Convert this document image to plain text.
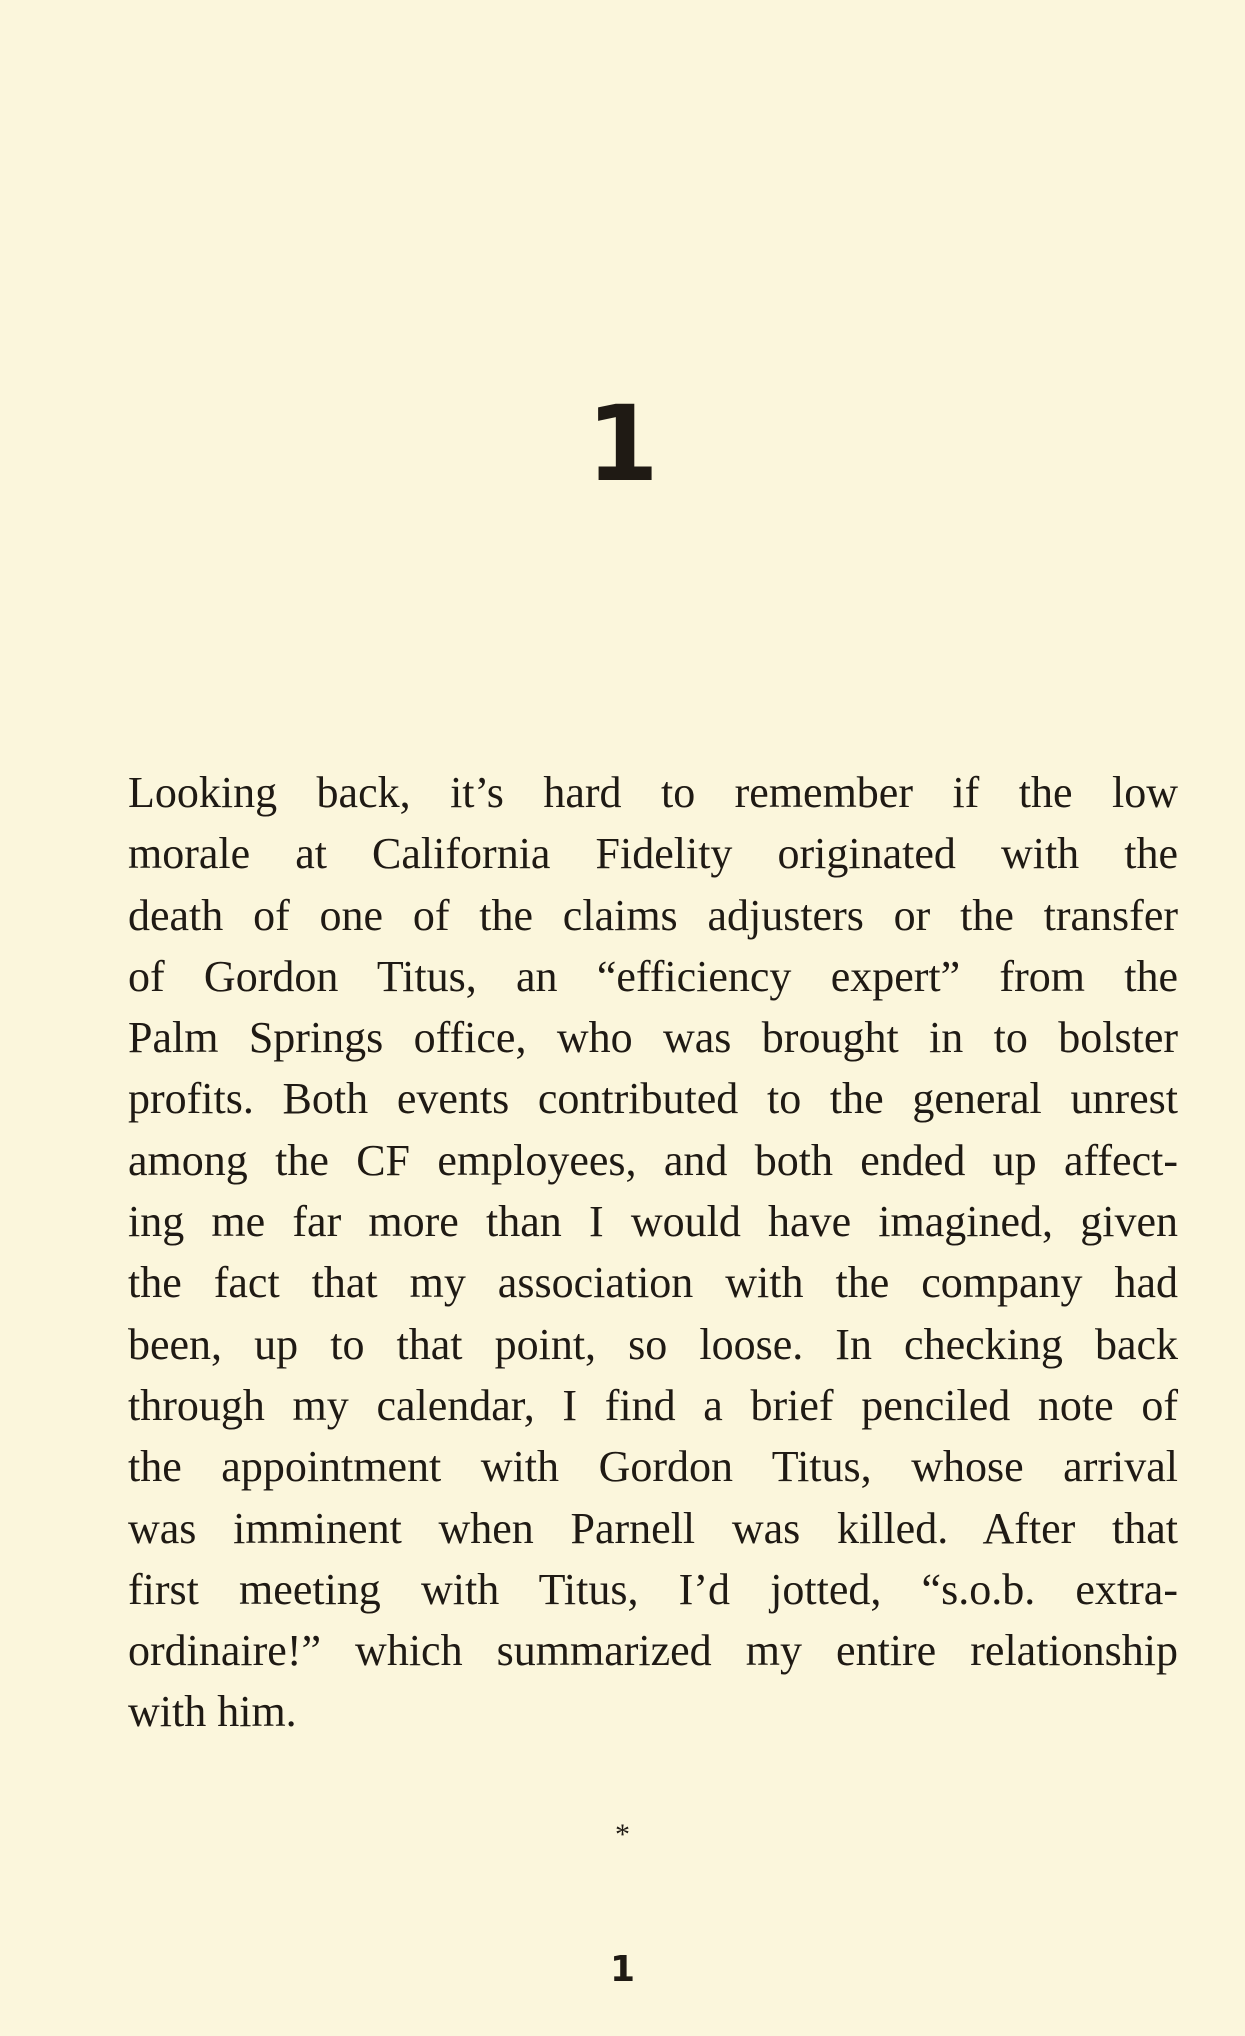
1
Looking back, it’s hard to remember if the low
morale at California Fidelity originated with the
death of one of the claims adjusters or the transfer
of Gordon Titus, an “efficiency expert” from the
Palm Springs office, who was brought in to bolster
profits. Both events contributed to the general unrest
among the CF employees, and both ended up affect-
ing me far more than I would have imagined, given
the fact that my association with the company had
been, up to that point, so loose. In checking back
through my calendar, I find a brief penciled note of
the appointment with Gordon Titus, whose arrival
was imminent when Parnell was killed. After that
first meeting with Titus, I’d jotted, “s.o.b. extra-
ordinaire!” which summarized my entire relationship
with him.
*
1
